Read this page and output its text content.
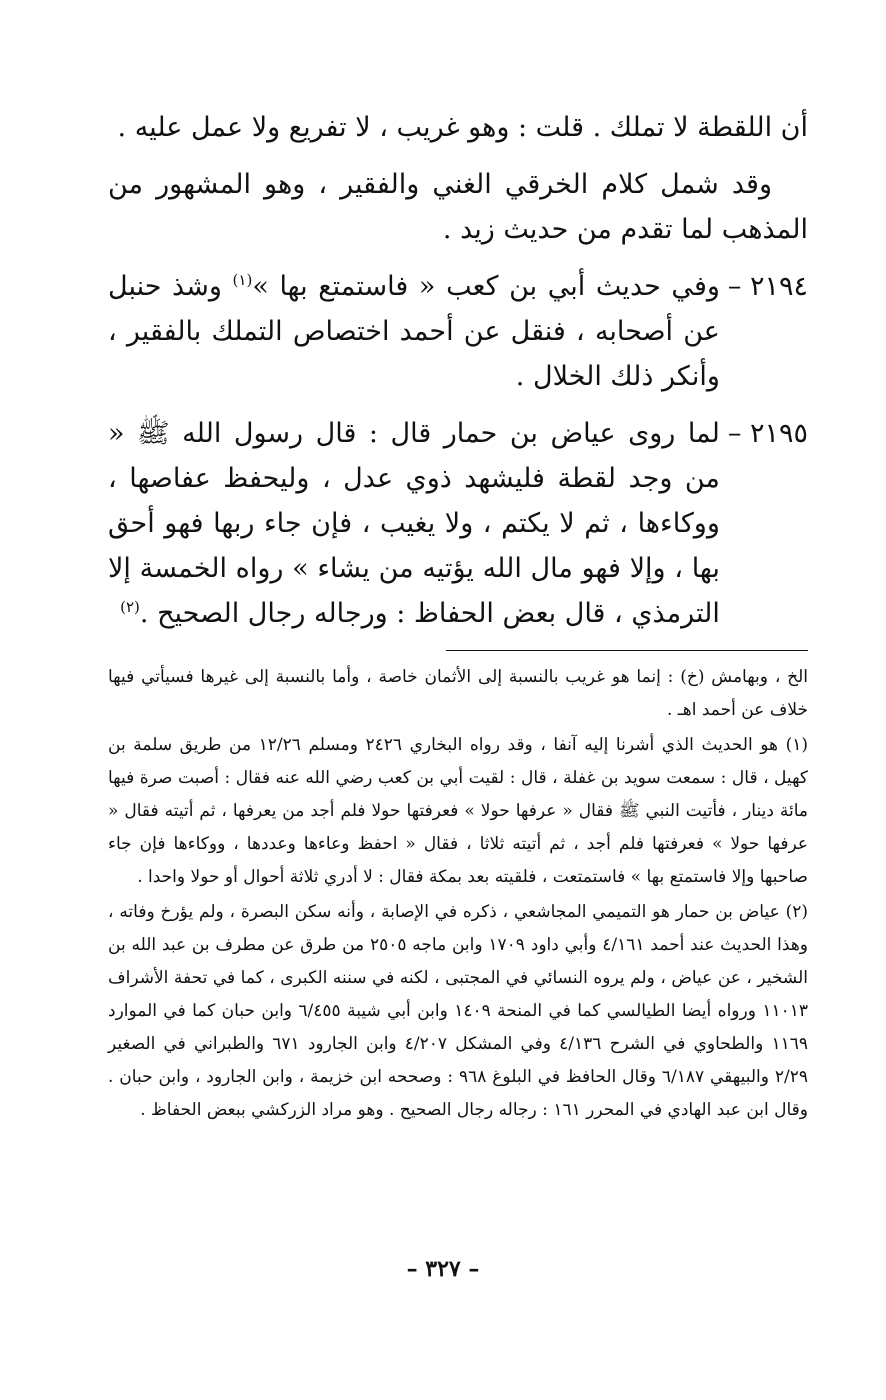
أن اللقطة لا تملك . قلت : وهو غريب ، لا تفريع ولا عمل عليه .

وقد شمل كلام الخرقي الغني والفقير ، وهو المشهور من المذهب لما تقدم من حديث زيد .

٢١٩٤ –
وفي حديث أبي بن كعب « فاستمتع بها »$^{(١)}$ وشذ حنبل عن أصحابه ، فنقل عن أحمد اختصاص التملك بالفقير ، وأنكر ذلك الخلال .
٢١٩٥ –
لما روى عياض بن حمار قال : قال رسول الله ﷺ « من وجد لقطة فليشهد ذوي عدل ، وليحفظ عفاصها ، ووكاءها ، ثم لا يكتم ، ولا يغيب ، فإن جاء ربها فهو أحق بها ، وإلا فهو مال الله يؤتيه من يشاء » رواه الخمسة إلا الترمذي ، قال بعض الحفاظ : ورجاله رجال الصحيح .$^{(٢)}$

الخ ، وبهامش (خ) : إنما هو غريب بالنسبة إلى الأثمان خاصة ، وأما بالنسبة إلى غيرها فسيأتي فيها خلاف عن أحمد اهـ .

(١) هو الحديث الذي أشرنا إليه آنفا ، وقد رواه البخاري ٢٤٢٦ ومسلم ١٢/٢٦ من طريق سلمة بن كهيل ، قال : سمعت سويد بن غفلة ، قال : لقيت أبي بن كعب رضي الله عنه فقال : أصبت صرة فيها مائة دينار ، فأتيت النبي ﷺ فقال « عرفها حولا » فعرفتها حولا فلم أجد من يعرفها ، ثم أتيته فقال « عرفها حولا » فعرفتها فلم أجد ، ثم أتيته ثلاثا ، فقال « احفظ وعاءها وعددها ، ووكاءها فإن جاء صاحبها وإلا فاستمتع بها » فاستمتعت ، فلقيته بعد بمكة فقال : لا أدري ثلاثة أحوال أو حولا واحدا .

(٢) عياض بن حمار هو التميمي المجاشعي ، ذكره في الإصابة ، وأنه سكن البصرة ، ولم يؤرخ وفاته ، وهذا الحديث عند أحمد ٤/١٦١ وأبي داود ١٧٠٩ وابن ماجه ٢٥٠٥ من طرق عن مطرف بن عبد الله بن الشخير ، عن عياض ، ولم يروه النسائي في المجتبى ، لكنه في سننه الكبرى ، كما في تحفة الأشراف ١١٠١٣ ورواه أيضا الطيالسي كما في المنحة ١٤٠٩ وابن أبي شيبة ٦/٤٥٥ وابن حبان كما في الموارد ١١٦٩ والطحاوي في الشرح ٤/١٣٦ وفي المشكل ٤/٢٠٧ وابن الجارود ٦٧١ والطبراني في الصغير ٢/٢٩ والبيهقي ٦/١٨٧ وقال الحافظ في البلوغ ٩٦٨ : وصححه ابن خزيمة ، وابن الجارود ، وابن حبان . وقال ابن عبد الهادي في المحرر ١٦١ : رجاله رجال الصحيح . وهو مراد الزركشي ببعض الحفاظ .

– ٣٢٧ –
